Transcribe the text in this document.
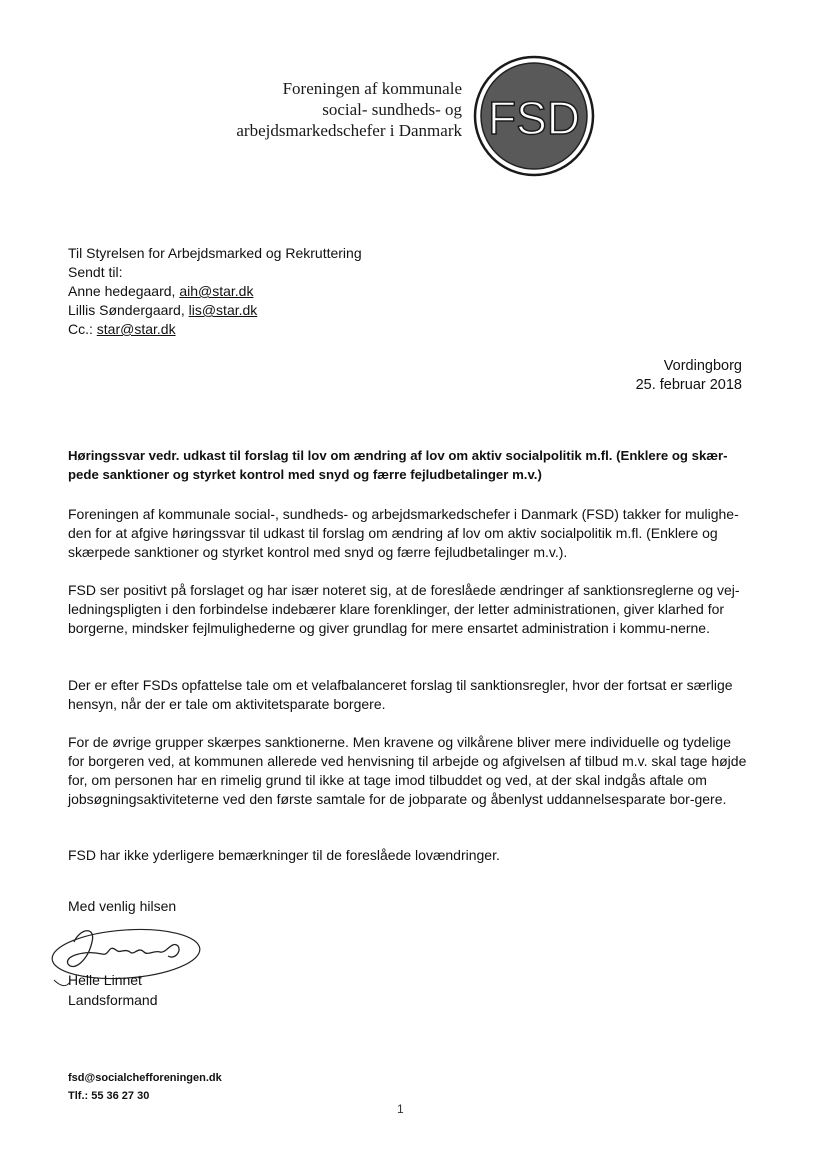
Foreningen af kommunale
social- sundheds- og
arbejdsmarkedschefer i Danmark FSD
Til Styrelsen for Arbejdsmarked og Rekruttering
Sendt til:
Anne hedegaard, aih@star.dk
Lillis Søndergaard, lis@star.dk
Cc.: star@star.dk
Vordingborg
25. februar 2018
Høringssvar vedr. udkast til forslag til lov om ændring af lov om aktiv socialpolitik m.fl. (Enklere og skær-pede sanktioner og styrket kontrol med snyd og færre fejludbetalinger m.v.)
Foreningen af kommunale social-, sundheds- og arbejdsmarkedschefer i Danmark (FSD) takker for mulighe-den for at afgive høringssvar til udkast til forslag om ændring af lov om aktiv socialpolitik m.fl. (Enklere og skærpede sanktioner og styrket kontrol med snyd og færre fejludbetalinger m.v.).
FSD ser positivt på forslaget og har især noteret sig, at de foreslåede ændringer af sanktionsreglerne og vej-ledningspligten i den forbindelse indebærer klare forenklinger, der letter administrationen, giver klarhed for borgerne, mindsker fejlmulighederne og giver grundlag for mere ensartet administration i kommu-nerne.
Der er efter FSDs opfattelse tale om et velafbalanceret forslag til sanktionsregler, hvor der fortsat er særlige hensyn, når der er tale om aktivitetsparate borgere.
For de øvrige grupper skærpes sanktionerne. Men kravene og vilkårene bliver mere individuelle og tydelige for borgeren ved, at kommunen allerede ved henvisning til arbejde og afgivelsen af tilbud m.v. skal tage højde for, om personen har en rimelig grund til ikke at tage imod tilbuddet og ved, at der skal indgås aftale om jobsøgningsaktiviteterne ved den første samtale for de jobparate og åbenlyst uddannelsesparate bor-gere.
FSD har ikke yderligere bemærkninger til de foreslåede lovændringer.
Med venlig hilsen
Helle Linnet
Landsformand
fsd@socialchefforeningen.dk
Tlf.: 55 36 27 30
1
